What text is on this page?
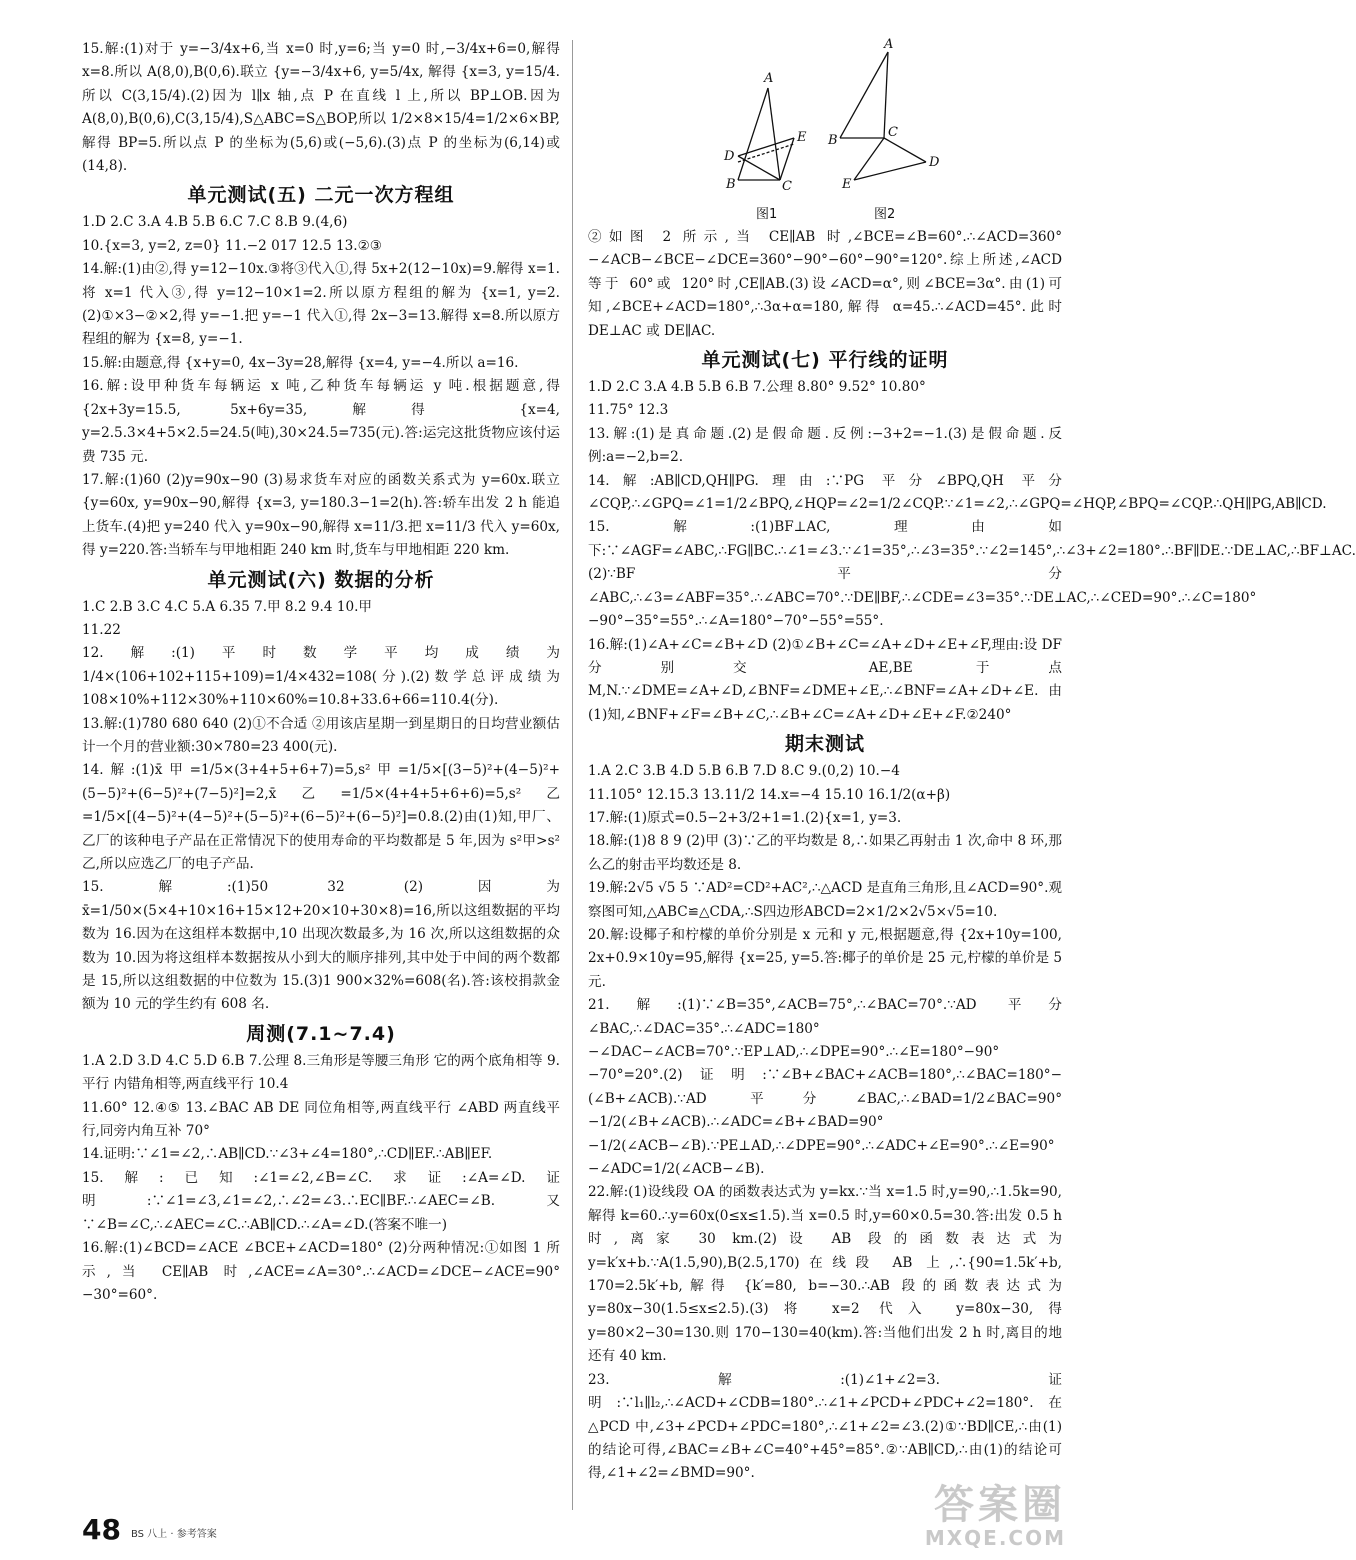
15.解:(1)对于 y=−3/4x+6,当 x=0 时,y=6;当 y=0 时,−3/4x+6=0,解得 x=8.所以 A(8,0),B(0,6).联立 {y=−3/4x+6, y=5/4x, 解得 {x=3, y=15/4.所以 C(3,15/4).(2)因为 l∥x 轴,点 P 在直线 l 上,所以 BP⊥OB.因为 A(8,0),B(0,6),C(3,15/4),S△ABC=S△BOP,所以 1/2×8×15/4=1/2×6×BP,解得 BP=5.所以点 P 的坐标为(5,6)或(−5,6).(3)点 P 的坐标为(6,14)或(14,8).

单元测试(五) 二元一次方程组

1.D 2.C 3.A 4.B 5.B 6.C 7.C 8.B 9.(4,6)

10.{x=3, y=2, z=0} 11.−2 017 12.5 13.②③

14.解:(1)由②,得 y=12−10x.③将③代入①,得 5x+2(12−10x)=9.解得 x=1.将 x=1 代入③,得 y=12−10×1=2.所以原方程组的解为 {x=1, y=2.(2)①×3−②×2,得 y=−1.把 y=−1 代入①,得 2x−3=13.解得 x=8.所以原方程组的解为 {x=8, y=−1.

15.解:由题意,得 {x+y=0, 4x−3y=28,解得 {x=4, y=−4.所以 a=16.

16.解:设甲种货车每辆运 x 吨,乙种货车每辆运 y 吨.根据题意,得 {2x+3y=15.5, 5x+6y=35,解得 {x=4, y=2.5.3×4+5×2.5=24.5(吨),30×24.5=735(元).答:运完这批货物应该付运费 735 元.

17.解:(1)60 (2)y=90x−90 (3)易求货车对应的函数关系式为 y=60x.联立 {y=60x, y=90x−90,解得 {x=3, y=180.3−1=2(h).答:轿车出发 2 h 能追上货车.(4)把 y=240 代入 y=90x−90,解得 x=11/3.把 x=11/3 代入 y=60x,得 y=220.答:当轿车与甲地相距 240 km 时,货车与甲地相距 220 km.

单元测试(六) 数据的分析

1.C 2.B 3.C 4.C 5.A 6.35 7.甲 8.2 9.4 10.甲

11.22

12.解:(1)平时数学平均成绩为 1/4×(106+102+115+109)=1/4×432=108(分).(2)数学总评成绩为 108×10%+112×30%+110×60%=10.8+33.6+66=110.4(分).

13.解:(1)780 680 640 (2)①不合适 ②用该店星期一到星期日的日均营业额估计一个月的营业额:30×780=23 400(元).

14.解:(1)x̄甲=1/5×(3+4+5+6+7)=5,s²甲=1/5×[(3−5)²+(4−5)²+(5−5)²+(6−5)²+(7−5)²]=2,x̄乙=1/5×(4+4+5+6+6)=5,s²乙=1/5×[(4−5)²+(4−5)²+(5−5)²+(6−5)²+(6−5)²]=0.8.(2)由(1)知,甲厂、乙厂的该种电子产品在正常情况下的使用寿命的平均数都是 5 年,因为 s²甲>s²乙,所以应选乙厂的电子产品.

15.解:(1)50 32 (2)因为 x̄=1/50×(5×4+10×16+15×12+20×10+30×8)=16,所以这组数据的平均数为 16.因为在这组样本数据中,10 出现次数最多,为 16 次,所以这组数据的众数为 10.因为将这组样本数据按从小到大的顺序排列,其中处于中间的两个数都是 15,所以这组数据的中位数为 15.(3)1 900×32%=608(名).答:该校捐款金额为 10 元的学生约有 608 名.

周测(7.1~7.4)

1.A 2.D 3.D 4.C 5.D 6.B 7.公理 8.三角形是等腰三角形 它的两个底角相等 9.平行 内错角相等,两直线平行 10.4

11.60° 12.④⑤ 13.∠BAC AB DE 同位角相等,两直线平行 ∠ABD 两直线平行,同旁内角互补 70°

14.证明:∵∠1=∠2,∴AB∥CD.∵∠3+∠4=180°,∴CD∥EF.∴AB∥EF.

15.解:已知:∠1=∠2,∠B=∠C.求证:∠A=∠D.证明:∵∠1=∠3,∠1=∠2,∴∠2=∠3.∴EC∥BF.∴∠AEC=∠B.又∵∠B=∠C,∴∠AEC=∠C.∴AB∥CD.∴∠A=∠D.(答案不唯一)

16.解:(1)∠BCD=∠ACE ∠BCE+∠ACD=180° (2)分两种情况:①如图 1 所示,当 CE∥AB 时,∠ACE=∠A=30°.∴∠ACD=∠DCE−∠ACE=90°−30°=60°.

A
B	C
D
E
A
B
C
D
E
图1	图2

②如图 2 所示,当 CE∥AB 时,∠BCE=∠B=60°.∴∠ACD=360°−∠ACB−∠BCE−∠DCE=360°−90°−60°−90°=120°.综上所述,∠ACD 等于 60°或 120°时,CE∥AB.(3)设∠ACD=α°,则∠BCE=3α°.由(1)可知,∠BCE+∠ACD=180°,∴3α+α=180,解得 α=45.∴∠ACD=45°.此时 DE⊥AC 或 DE∥AC.

单元测试(七) 平行线的证明

1.D 2.C 3.A 4.B 5.B 6.B 7.公理 8.80° 9.52° 10.80°

11.75° 12.3

13.解:(1)是真命题.(2)是假命题.反例:−3+2=−1.(3)是假命题.反例:a=−2,b=2.

14.解:AB∥CD,QH∥PG.理由:∵PG 平分∠BPQ,QH 平分∠CQP,∴∠GPQ=∠1=1/2∠BPQ,∠HQP=∠2=1/2∠CQP.∵∠1=∠2,∴∠GPQ=∠HQP,∠BPQ=∠CQP.∴QH∥PG,AB∥CD.

15.解:(1)BF⊥AC,理由如下:∵∠AGF=∠ABC,∴FG∥BC.∴∠1=∠3.∵∠1=35°,∴∠3=35°.∵∠2=145°,∴∠3+∠2=180°.∴BF∥DE.∵DE⊥AC,∴BF⊥AC.(2)∵BF 平分∠ABC,∴∠3=∠ABF=35°.∴∠ABC=70°.∵DE∥BF,∴∠CDE=∠3=35°.∵DE⊥AC,∴∠CED=90°.∴∠C=180°−90°−35°=55°.∴∠A=180°−70°−55°=55°.

16.解:(1)∠A+∠C=∠B+∠D (2)①∠B+∠C=∠A+∠D+∠E+∠F,理由:设 DF 分别交 AE,BE 于点 M,N.∵∠DME=∠A+∠D,∠BNF=∠DME+∠E,∴∠BNF=∠A+∠D+∠E.由(1)知,∠BNF+∠F=∠B+∠C,∴∠B+∠C=∠A+∠D+∠E+∠F.②240°

期末测试

1.A 2.C 3.B 4.D 5.B 6.B 7.D 8.C 9.(0,2) 10.−4

11.105° 12.15.3 13.11/2 14.x=−4 15.10 16.1/2(α+β)

17.解:(1)原式=0.5−2+3/2+1=1.(2){x=1, y=3.

18.解:(1)8 8 9 (2)甲 (3)∵乙的平均数是 8,∴如果乙再射击 1 次,命中 8 环,那么乙的射击平均数还是 8.

19.解:2√5 √5 5 ∵AD²=CD²+AC²,∴△ACD 是直角三角形,且∠ACD=90°.观察图可知,△ABC≌△CDA,∴S四边形ABCD=2×1/2×2√5×√5=10.

20.解:设椰子和柠檬的单价分别是 x 元和 y 元,根据题意,得 {2x+10y=100, 2x+0.9×10y=95,解得 {x=25, y=5.答:椰子的单价是 25 元,柠檬的单价是 5 元.

21.解:(1)∵∠B=35°,∠ACB=75°,∴∠BAC=70°.∵AD 平分∠BAC,∴∠DAC=35°.∴∠ADC=180°−∠DAC−∠ACB=70°.∵EP⊥AD,∴∠DPE=90°.∴∠E=180°−90°−70°=20°.(2)证明:∵∠B+∠BAC+∠ACB=180°,∴∠BAC=180°−(∠B+∠ACB).∵AD 平分∠BAC,∴∠BAD=1/2∠BAC=90°−1/2(∠B+∠ACB).∴∠ADC=∠B+∠BAD=90°−1/2(∠ACB−∠B).∵PE⊥AD,∴∠DPE=90°.∴∠ADC+∠E=90°.∴∠E=90°−∠ADC=1/2(∠ACB−∠B).

22.解:(1)设线段 OA 的函数表达式为 y=kx.∵当 x=1.5 时,y=90,∴1.5k=90,解得 k=60.∴y=60x(0≤x≤1.5).当 x=0.5 时,y=60×0.5=30.答:出发 0.5 h 时,离家 30 km.(2)设 AB 段的函数表达式为 y=k′x+b.∵A(1.5,90),B(2.5,170)在线段 AB 上,∴{90=1.5k′+b, 170=2.5k′+b,解得 {k′=80, b=−30.∴AB 段的函数表达式为 y=80x−30(1.5≤x≤2.5).(3)将 x=2 代入 y=80x−30,得 y=80×2−30=130.则 170−130=40(km).答:当他们出发 2 h 时,离目的地还有 40 km.

23.解:(1)∠1+∠2=3.证明:∵l₁∥l₂,∴∠ACD+∠CDB=180°.∴∠1+∠PCD+∠PDC+∠2=180°.在△PCD 中,∠3+∠PCD+∠PDC=180°,∴∠1+∠2=∠3.(2)①∵BD∥CE,∴由(1)的结论可得,∠BAC=∠B+∠C=40°+45°=85°.②∵AB∥CD,∴由(1)的结论可得,∠1+∠2=∠BMD=90°.

48 BS 八上 · 参考答案
答案圈
MXQE.COM
